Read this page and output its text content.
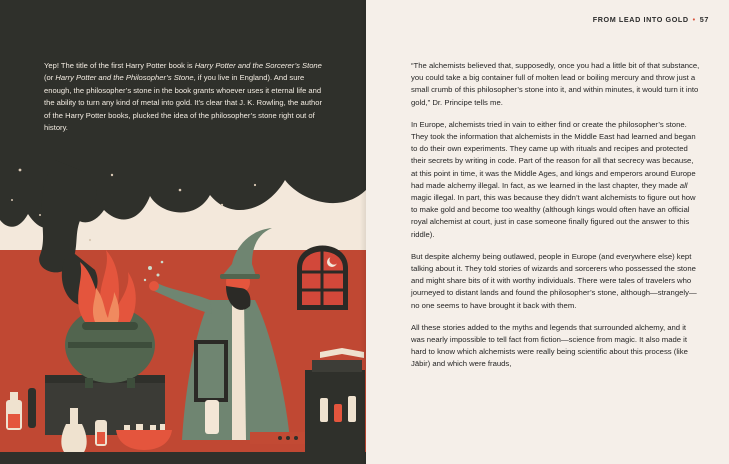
Yep! The title of the first Harry Potter book is Harry Potter and the Sorcerer’s Stone (or Harry Potter and the Philosopher’s Stone, if you live in England). And sure enough, the philosopher’s stone in the book grants whoever uses it eternal life and the ability to turn any kind of metal into gold. It’s clear that J. K. Rowling, the author of the Harry Potter books, plucked the idea of the philosopher’s stone right out of history.
FROM LEAD INTO GOLD • 57

“The alchemists believed that, supposedly, once you had a little bit of that substance, you could take a big container full of molten lead or boiling mercury and throw just a small crumb of this philosopher’s stone into it, and within minutes, it would turn it into gold,” Dr. Principe tells me.

In Europe, alchemists tried in vain to either find or create the philosopher’s stone. They took the information that alchemists in the Middle East had learned and began to do their own experiments. They came up with rituals and recipes and protected their secrets by writing in code. Part of the reason for all that secrecy was because, at this point in time, it was the Middle Ages, and kings and emperors around Europe had made alchemy illegal. In fact, as we learned in the last chapter, they made all magic illegal. In part, this was because they didn’t want alchemists to figure out how to make gold and become too wealthy (although kings would often have an official royal alchemist at court, just in case someone finally figured out the answer to this riddle).

But despite alchemy being outlawed, people in Europe (and everywhere else) kept talking about it. They told stories of wizards and sorcerers who possessed the stone and might share bits of it with worthy individuals. There were tales of travelers who journeyed to distant lands and found the philosopher’s stone, although—strangely—no one seems to have brought it back with them.

All these stories added to the myths and legends that surrounded alchemy, and it was nearly impossible to tell fact from fiction—science from magic. It also made it hard to know which alchemists were really being scientific about this process (like Jābir) and which were frauds,
